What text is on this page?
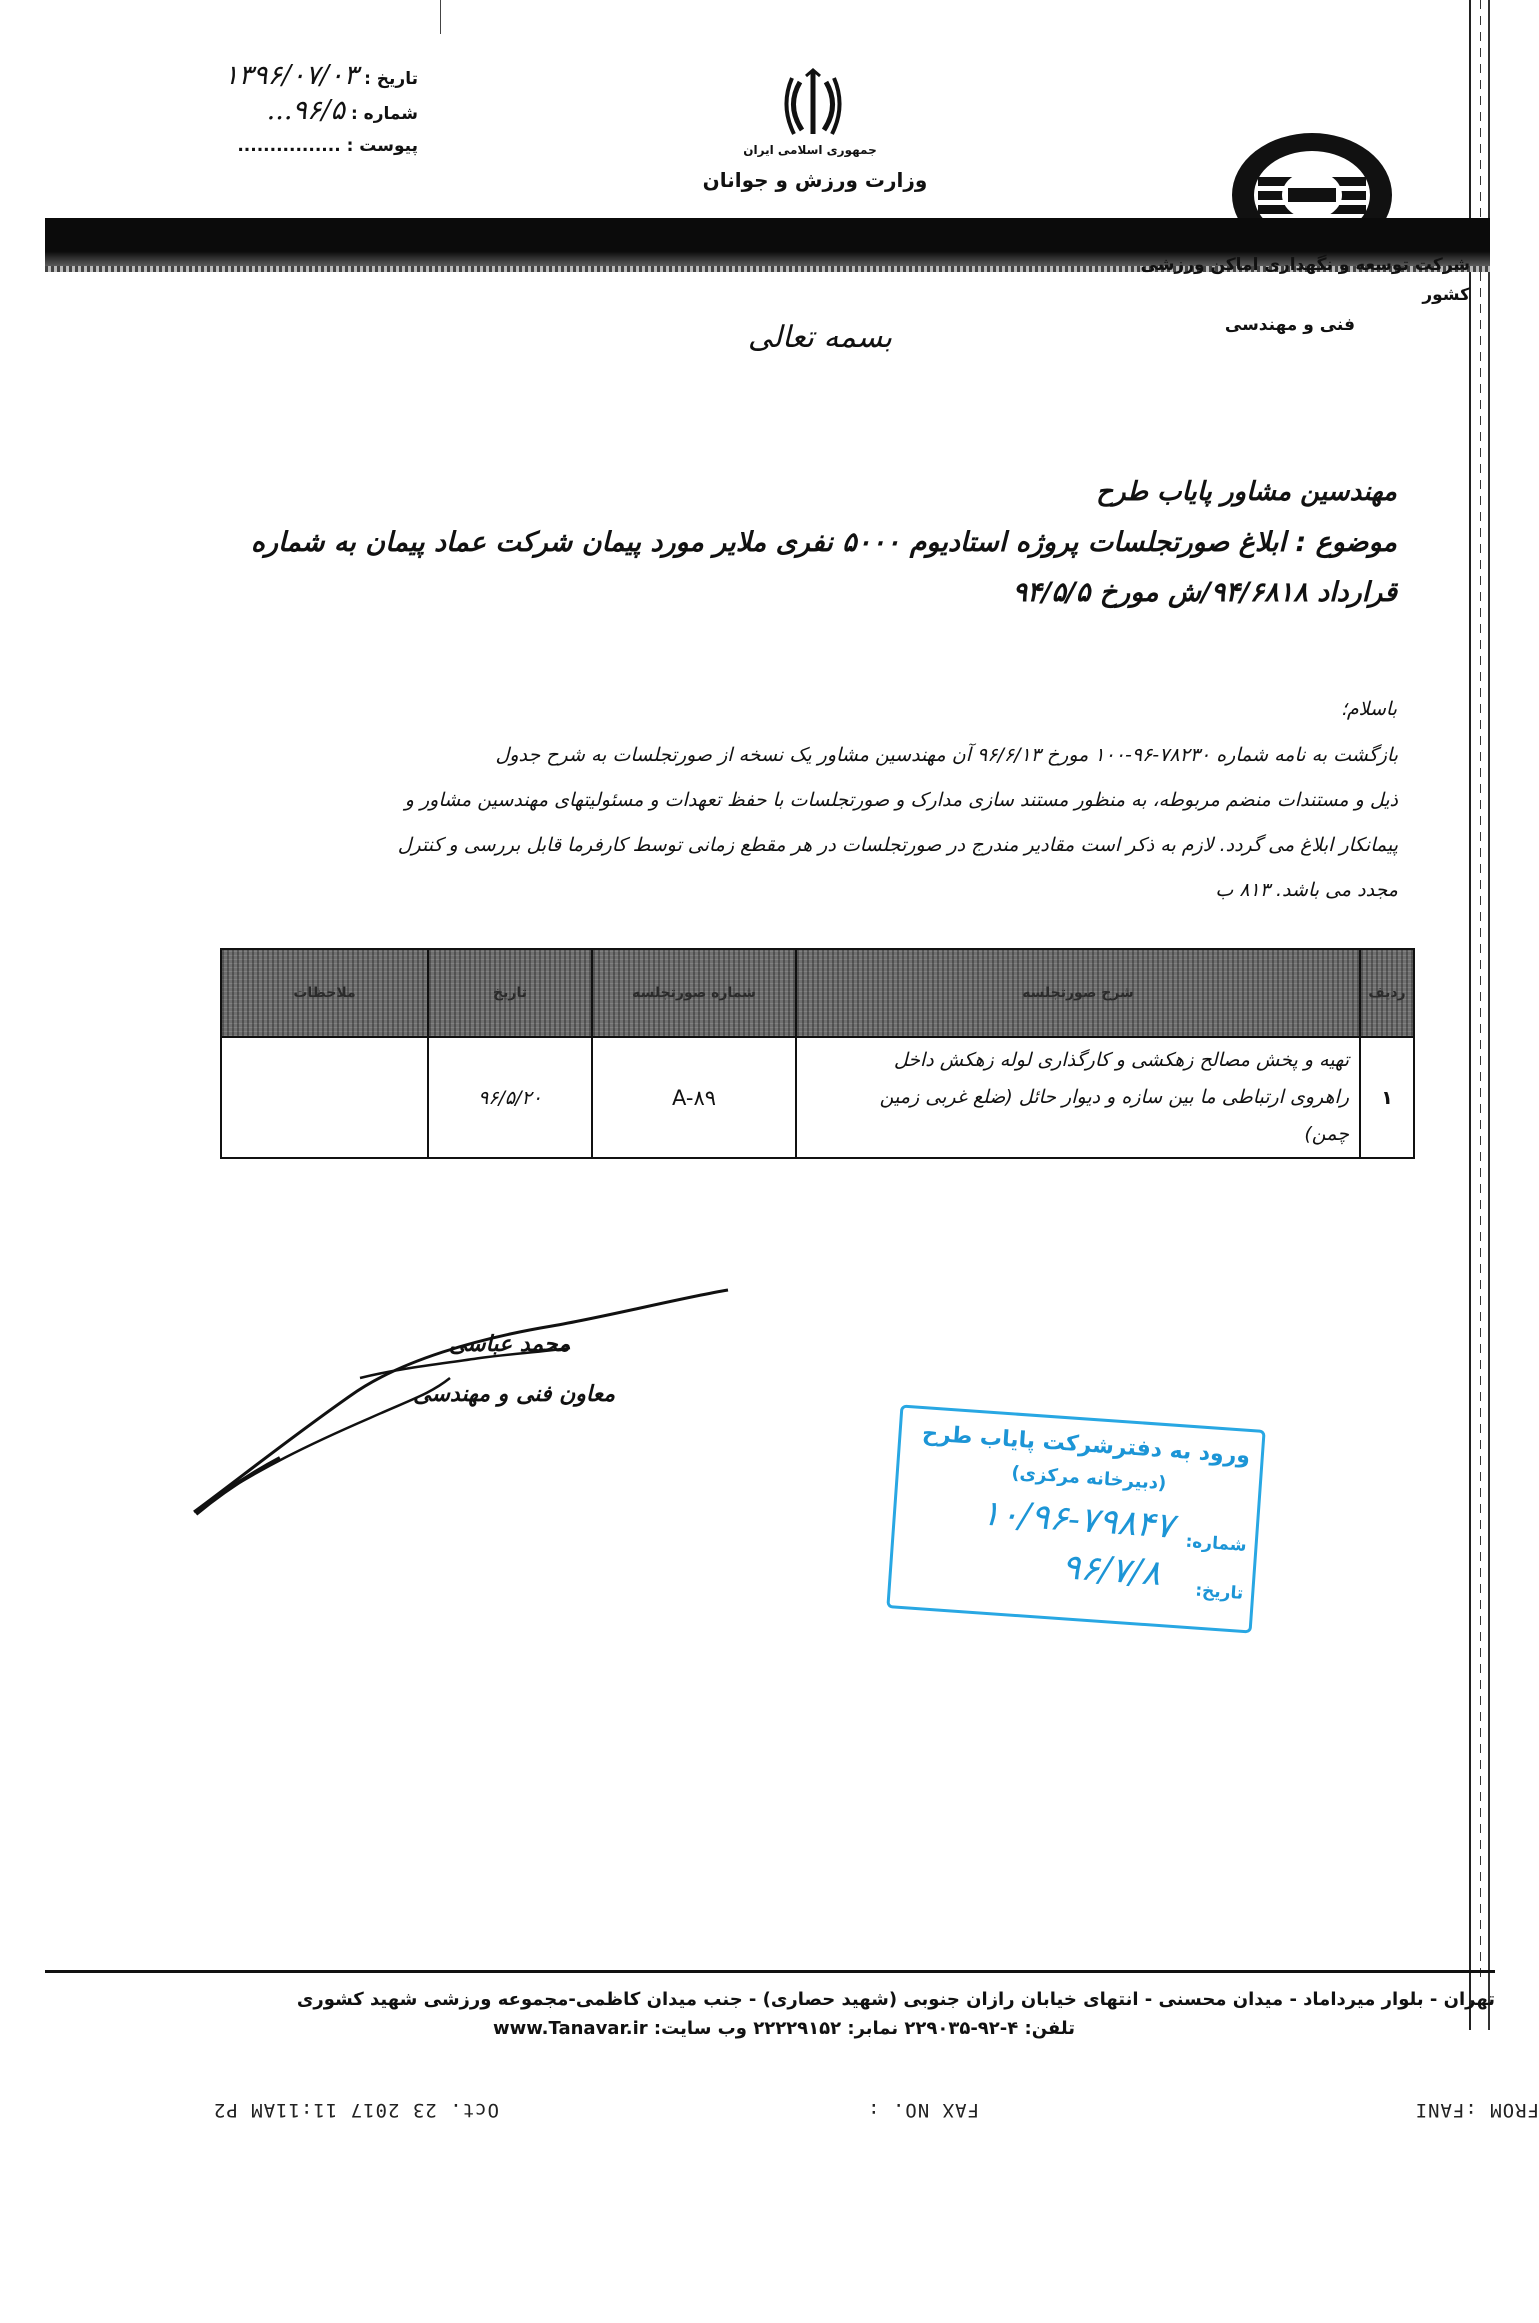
تاریخ : ۱۳۹۶/۰۷/۰۳
شماره : ۹۶/۵...
پیوست : ................	جمهوری اسلامی ایران
وزارت ورزش و جوانان
شرکت توسعه و نگهداری اماکن ورزشی کشور
فنی و مهندسی
بسمه تعالی
مهندسین مشاور پایاب طرح
موضوع : ابلاغ صورتجلسات پروژه استادیوم ۵۰۰۰ نفری ملایر مورد پیمان شرکت عماد پیمان به شماره
قرارداد ۹۴/۶۸۱۸/ش مورخ ۹۴/۵/۵
باسلام؛
بازگشت به نامه شماره ۷۸۲۳۰-۹۶-۱۰۰ مورخ ۹۶/۶/۱۳ آن مهندسین مشاور یک نسخه از صورتجلسات به شرح جدول
ذیل و مستندات منضم مربوطه، به منظور مستند سازی مدارک و صورتجلسات با حفظ تعهدات و مسئولیتهای مهندسین مشاور و
پیمانکار ابلاغ می گردد. لازم به ذکر است مقادیر مندرج در صورتجلسات در هر مقطع زمانی توسط کارفرما قابل بررسی و کنترل
مجدد می باشد. ۸۱۳ ب
ردیف	شرح صورتجلسه	شماره صورتجلسه	تاریخ	ملاحظات
۱	تهیه و پخش مصالح زهکشی و کارگذاری لوله زهکش داخل
راهروی ارتباطی ما بین سازه و دیوار حائل (ضلع غربی زمین
چمن)	A-۸۹	۹۶/۵/۲۰	
محمد عباسی
معاون فنی و مهندسی
ورود به دفترشرکت پایاب طرح
(دبیرخانه مرکزی)
شماره:
۱۰/۹۶-۷۹۸۴۷
تاریخ:
۹۶/۷/۸
تهران - بلوار میرداماد - میدان محسنی - انتهای خیابان رازان جنوبی (شهید حصاری) - جنب میدان کاظمی-مجموعه ورزشی شهید کشوری
تلفن: ۴-۹۲-۲۲۹۰۳۵ نمابر: ۲۲۲۲۹۱۵۲ وب سایت: www.Tanavar.ir
FROM :FANI
FAX NO. :
Oct. 23 2017 11:11AM P2
